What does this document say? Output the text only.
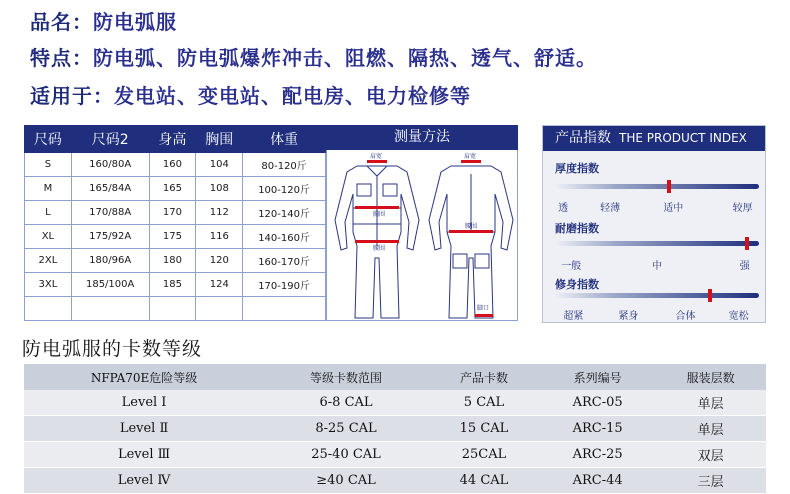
品名：防电弧服
特点：防电弧、防电弧爆炸冲击、阻燃、隔热、透气、舒适。
适用于：发电站、变电站、配电房、电力检修等
尺码	尺码2	身高	胸围	体重
S	160/80A	160	104	80-120斤
M	165/84A	165	108	100-120斤
L	170/88A	170	112	120-140斤
XL	175/92A	175	116	140-160斤
2XL	180/96A	180	120	160-170斤
3XL	185/100A	185	124	170-190斤

测量方法
肩宽
胸围
腰围
肩宽
腰围
脚口
产品指数 THE PRODUCT INDEX
厚度指数
透	轻薄	适中	较厚
耐磨指数
一般	中	强
修身指数
超紧	紧身	合体	宽松
防电弧服的卡数等级
NFPA70E危险等级	等级卡数范围	产品卡数	系列编号	服装层数
Level Ⅰ	6-8 CAL	5 CAL	ARC-05	单层
Level Ⅱ	8-25 CAL	15 CAL	ARC-15	单层
Level Ⅲ	25-40 CAL	25CAL	ARC-25	双层
Level Ⅳ	≥40 CAL	44 CAL	ARC-44	三层
